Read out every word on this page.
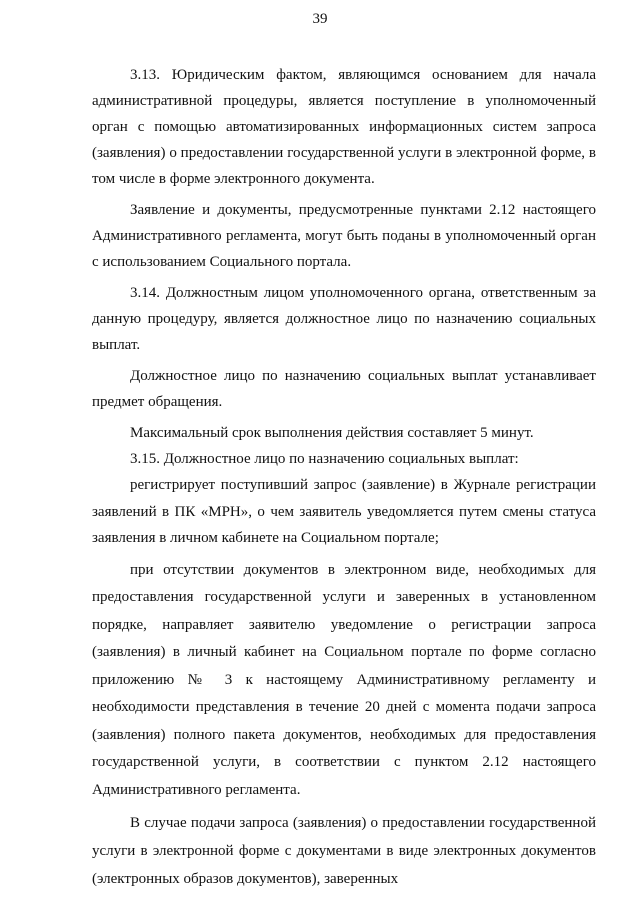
39

3.13. Юридическим фактом, являющимся основанием для начала административной процедуры, является поступление в уполномоченный орган с помощью автоматизированных информационных систем запроса (заявления) о предоставлении государственной услуги в электронной форме, в том числе в форме электронного документа.

Заявление и документы, предусмотренные пунктами 2.12 настоящего Административного регламента, могут быть поданы в уполномоченный орган с использованием Социального портала.

3.14. Должностным лицом уполномоченного органа, ответственным за данную процедуру, является должностное лицо по назначению социальных выплат.

Должностное лицо по назначению социальных выплат устанавливает предмет обращения.

Максимальный срок выполнения действия составляет 5 минут.

3.15. Должностное лицо по назначению социальных выплат:

регистрирует поступивший запрос (заявление) в Журнале регистрации заявлений в ПК «МРН», о чем заявитель уведомляется путем смены статуса заявления в личном кабинете на Социальном портале;

при отсутствии документов в электронном виде, необходимых для предоставления государственной услуги и заверенных в установленном порядке, направляет заявителю уведомление о регистрации запроса (заявления) в личный кабинет на Социальном портале по форме согласно приложению № 3 к настоящему Административному регламенту и необходимости представления в течение 20 дней с момента подачи запроса (заявления) полного пакета документов, необходимых для предоставления государственной услуги, в соответствии с пунктом 2.12 настоящего Административного регламента.

В случае подачи запроса (заявления) о предоставлении государственной услуги в электронной форме с документами в виде электронных документов (электронных образов документов), заверенных
